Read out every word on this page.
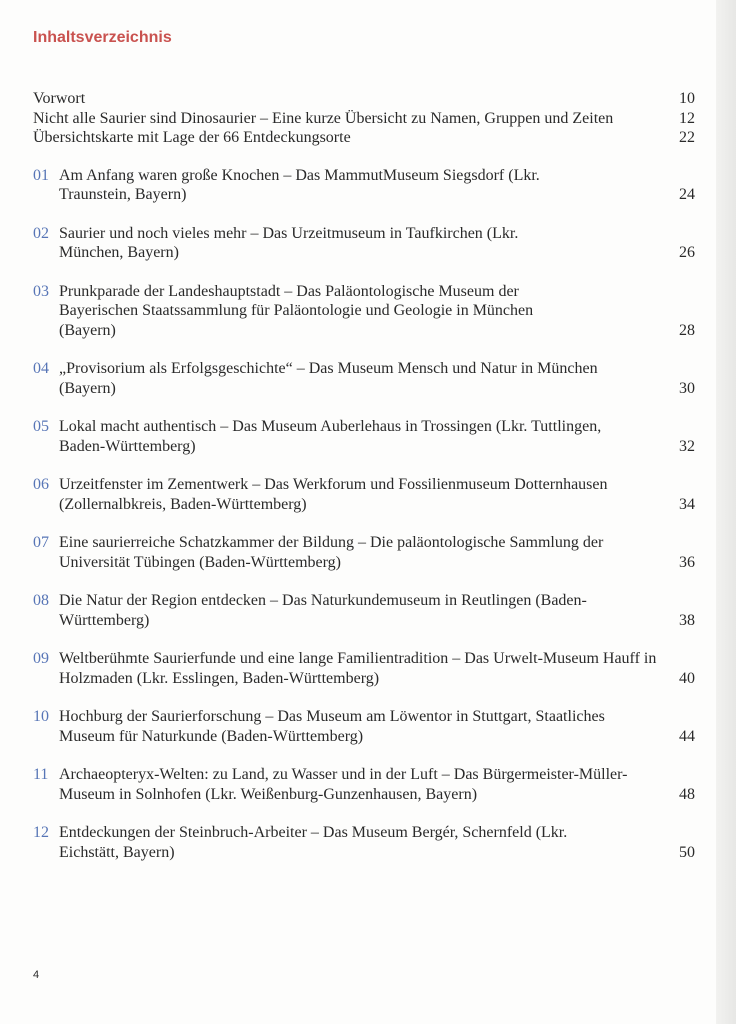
Inhaltsverzeichnis
Vorwort	10
Nicht alle Saurier sind Dinosaurier – Eine kurze Übersicht zu Namen, Gruppen und Zeiten	12
Übersichtskarte mit Lage der 66 Entdeckungsorte	22
01 Am Anfang waren große Knochen – Das MammutMuseum Siegsdorf (Lkr. Traunstein, Bayern)	24
02 Saurier und noch vieles mehr – Das Urzeitmuseum in Taufkirchen (Lkr. München, Bayern)	26
03 Prunkparade der Landeshauptstadt – Das Paläontologische Museum der Bayerischen Staatssammlung für Paläontologie und Geologie in München (Bayern)	28
04 „Provisorium als Erfolgsgeschichte“ – Das Museum Mensch und Natur in München (Bayern)	30
05 Lokal macht authentisch – Das Museum Auberlehaus in Trossingen (Lkr. Tuttlingen, Baden-Württemberg)	32
06 Urzeitfenster im Zementwerk – Das Werkforum und Fossilienmuseum Dotternhausen (Zollernalbkreis, Baden-Württemberg)	34
07 Eine saurierreiche Schatzkammer der Bildung – Die paläontologische Sammlung der Universität Tübingen (Baden-Württemberg)	36
08 Die Natur der Region entdecken – Das Naturkundemuseum in Reutlingen (Baden-Württemberg)	38
09 Weltberühmte Saurierfunde und eine lange Familientradition – Das Urwelt-Museum Hauff in Holzmaden (Lkr. Esslingen, Baden-Württemberg)	40
10 Hochburg der Saurierforschung – Das Museum am Löwentor in Stuttgart, Staatliches Museum für Naturkunde (Baden-Württemberg)	44
11 Archaeopteryx-Welten: zu Land, zu Wasser und in der Luft – Das Bürgermeister-Müller-Museum in Solnhofen (Lkr. Weißenburg-Gunzenhausen, Bayern)	48
12 Entdeckungen der Steinbruch-Arbeiter – Das Museum Bergér, Schernfeld (Lkr. Eichstätt, Bayern)	50
4
